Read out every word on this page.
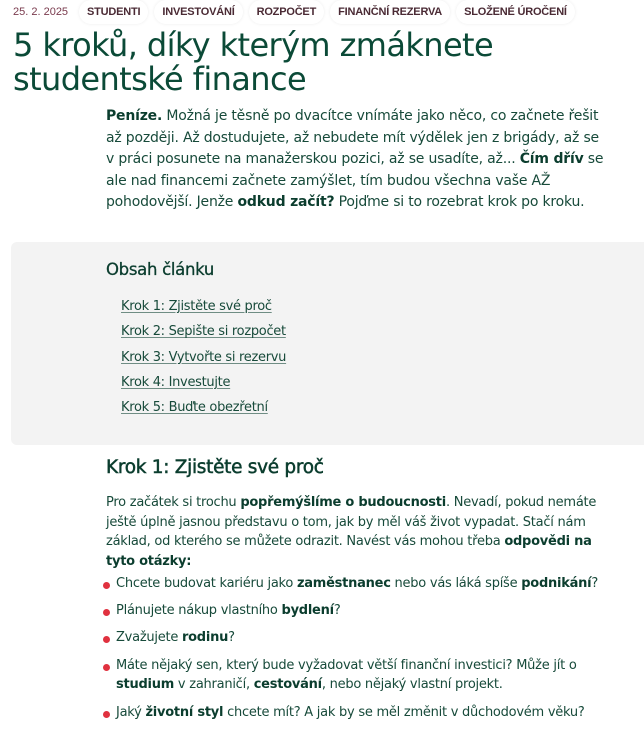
25. 2. 2025	STUDENTI	INVESTOVÁNÍ	ROZPOČET	FINANČNÍ REZERVA	SLOŽENÉ ÚROČENÍ
5 kroků, díky kterým zmáknete studentské finance

Peníze. Možná je těsně po dvacítce vnímáte jako něco, co začnete řešit až později. Až dostudujete, až nebudete mít výdělek jen z brigády, až se v práci posunete na manažerskou pozici, až se usadíte, až... Čím dřív se ale nad financemi začnete zamýšlet, tím budou všechna vaše AŽ pohodovější. Jenže odkud začít? Pojďme si to rozebrat krok po kroku.

Obsah článku
Krok 1: Zjistěte své proč
Krok 2: Sepište si rozpočet
Krok 3: Vytvořte si rezervu
Krok 4: Investujte
Krok 5: Buďte obezřetní
Krok 1: Zjistěte své proč

Pro začátek si trochu popřemýšlíme o budoucnosti. Nevadí, pokud nemáte ještě úplně jasnou představu o tom, jak by měl váš život vypadat. Stačí nám základ, od kterého se můžete odrazit. Navést vás mohou třeba odpovědi na tyto otázky:

Chcete budovat kariéru jako zaměstnanec nebo vás láká spíše podnikání?
Plánujete nákup vlastního bydlení?
Zvažujete rodinu?
Máte nějaký sen, který bude vyžadovat větší finanční investici? Může jít o studium v zahraničí, cestování, nebo nějaký vlastní projekt.
Jaký životní styl chcete mít? A jak by se měl změnit v důchodovém věku?
